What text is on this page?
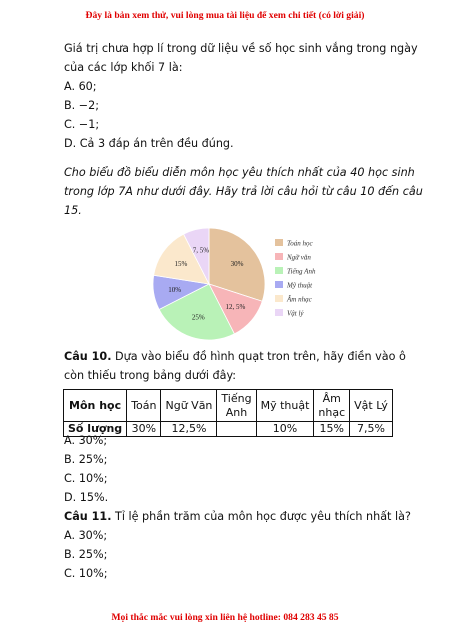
Đây là bản xem thử, vui lòng mua tài liệu để xem chi tiết (có lời giải)
Giá trị chưa hợp lí trong dữ liệu về số học sinh vắng trong ngày
của các lớp khối 7 là:
A. 60;
B. −2;
C. −1;
D. Cả 3 đáp án trên đều đúng.
Cho biểu đồ biểu diễn môn học yêu thích nhất của 40 học sinh
trong lớp 7A như dưới đây. Hãy trả lời câu hỏi từ câu 10 đến câu
15.
30%
12, 5%
25%
10%
15%
7, 5%
Toán học
Ngữ văn
Tiếng Anh
Mỹ thuật
Âm nhạc
Vật lý
Câu 10. Dựa vào biểu đồ hình quạt tron trên, hãy điền vào ô
còn thiếu trong bảng dưới đây:
Môn học	Toán	Ngữ Văn	Tiếng
Anh	Mỹ thuật	Âm
nhạc	Vật Lý
Số lượng	30%	12,5%		10%	15%	7,5%
A. 30%;
B. 25%;
C. 10%;
D. 15%.
Câu 11. Tỉ lệ phần trăm của môn học được yêu thích nhất là?
A. 30%;
B. 25%;
C. 10%;
Mọi thắc mắc vui lòng xin liên hệ hotline: 084 283 45 85
